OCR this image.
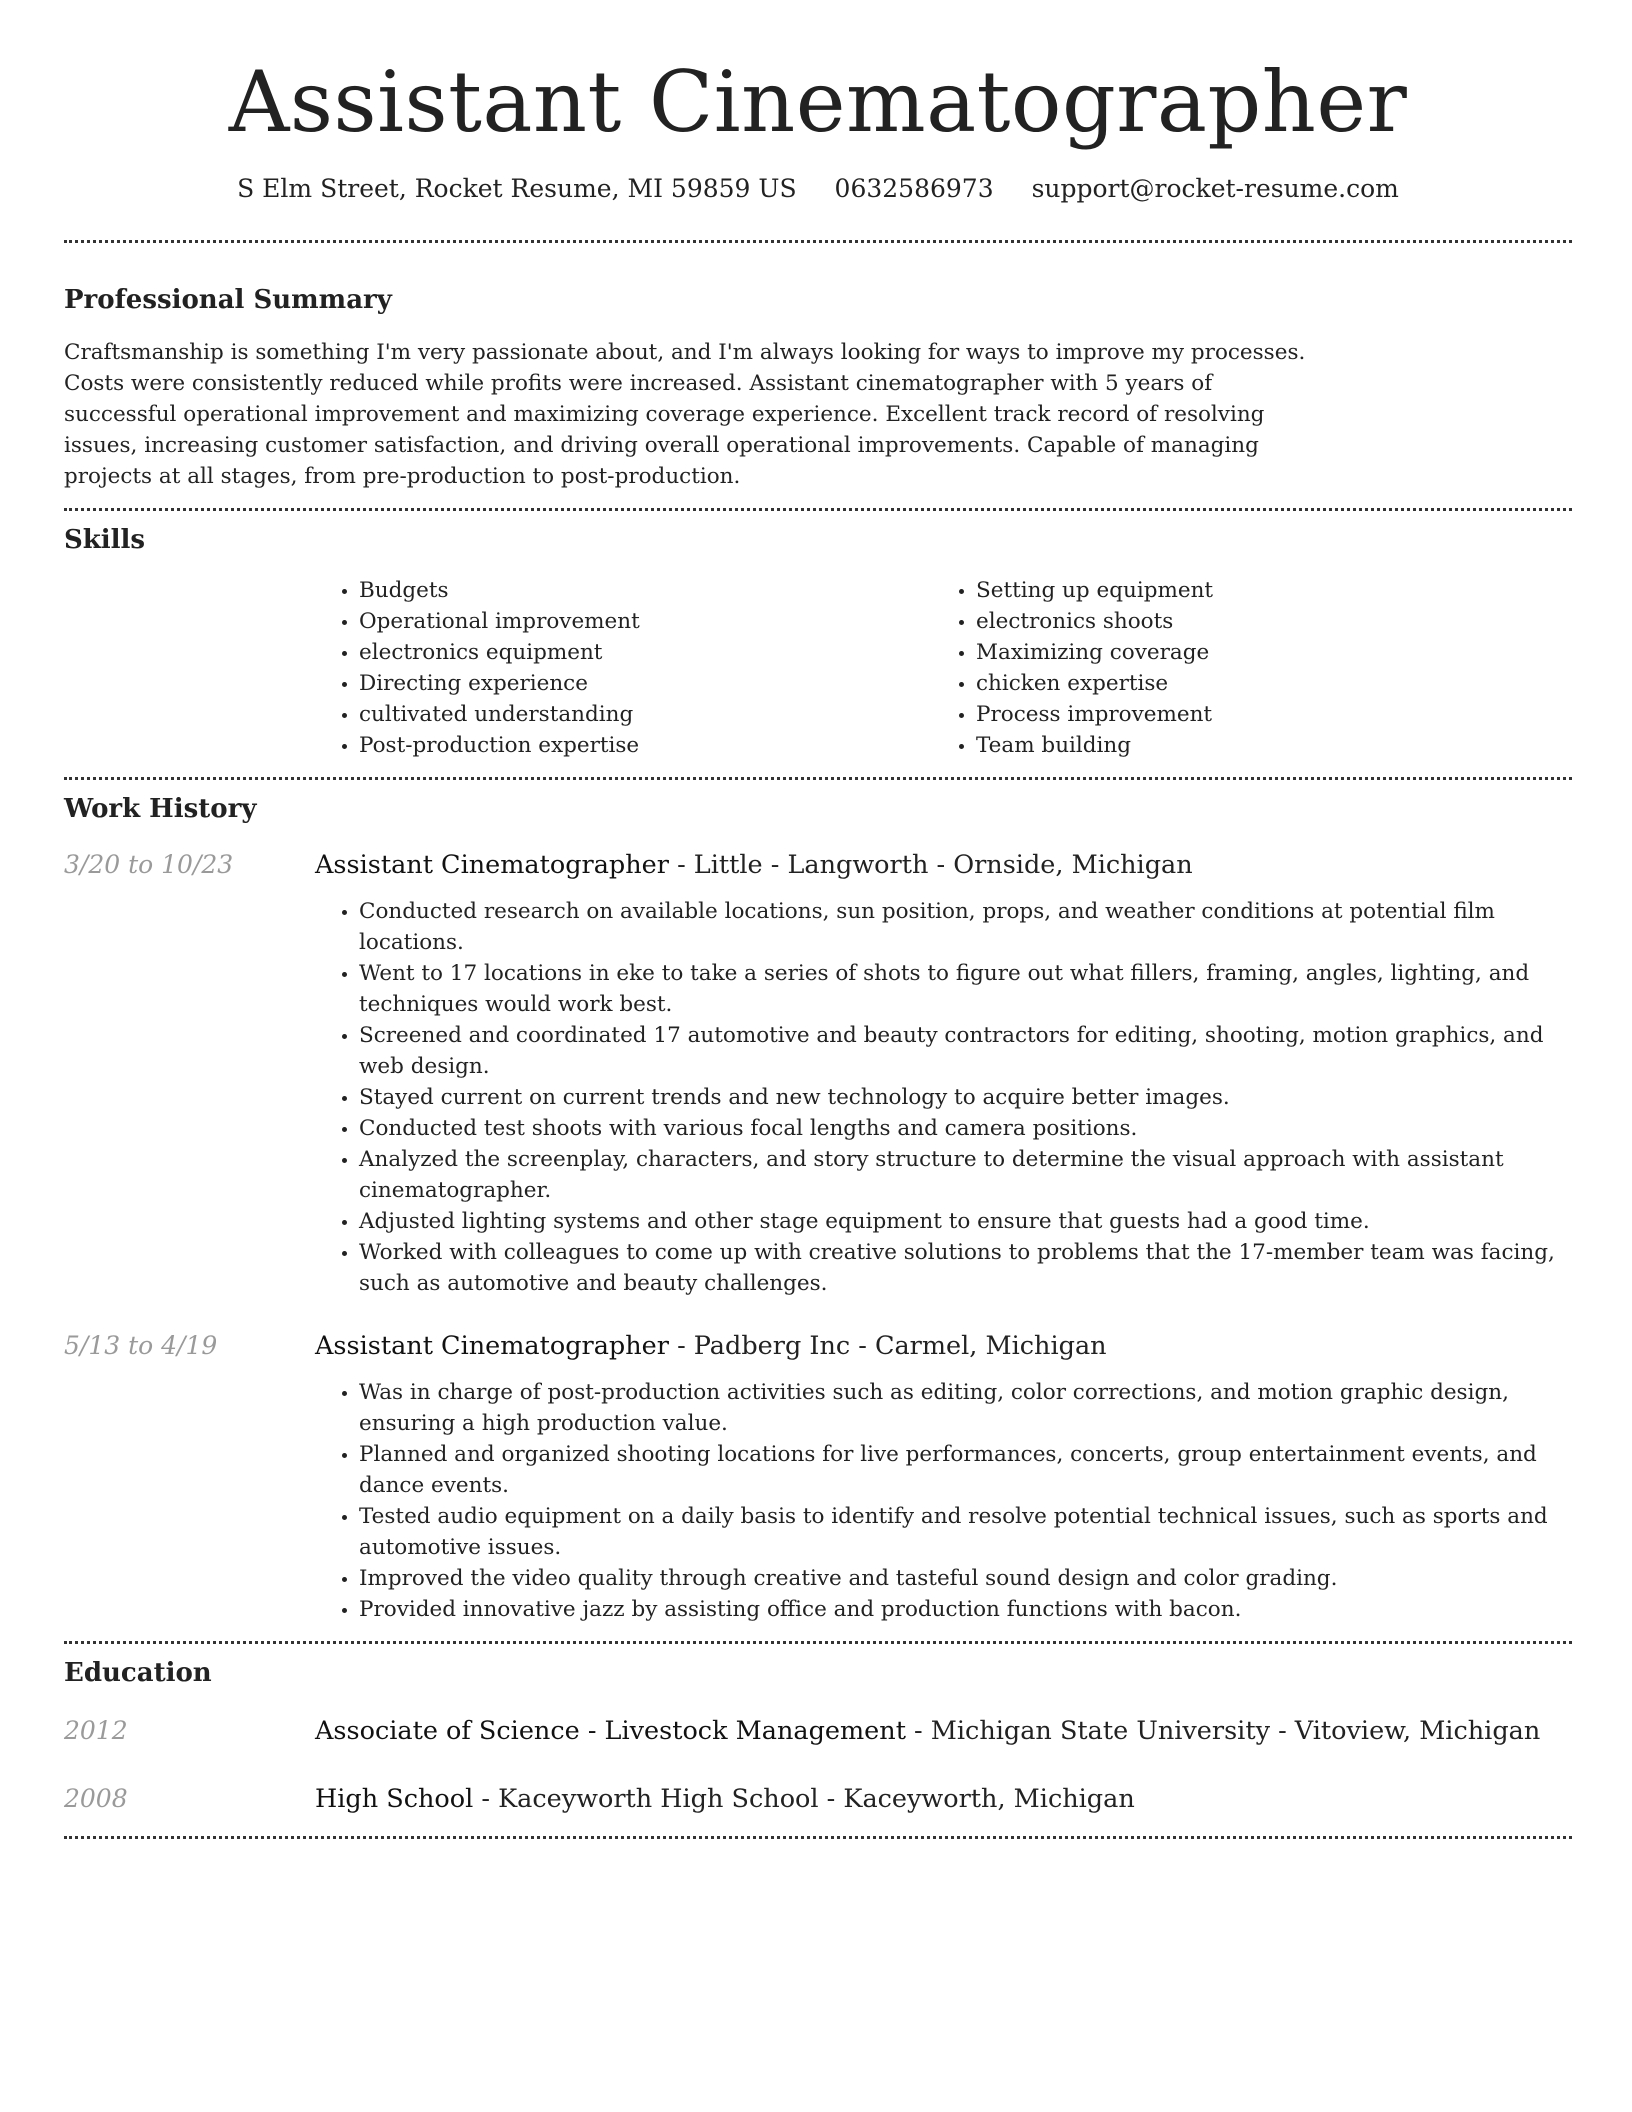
Assistant Cinematographer
S Elm Street, Rocket Resume, MI 59859 US 0632586973 support@rocket-resume.com
Professional Summary

Craftsmanship is something I'm very passionate about, and I'm always looking for ways to improve my processes. Costs were consistently reduced while profits were increased. Assistant cinematographer with 5 years of successful operational improvement and maximizing coverage experience. Excellent track record of resolving issues, increasing customer satisfaction, and driving overall operational improvements. Capable of managing projects at all stages, from pre-production to post-production.

Skills
• Budgets
• Operational improvement
• electronics equipment
• Directing experience
• cultivated understanding
• Post-production expertise
• Setting up equipment
• electronics shoots
• Maximizing coverage
• chicken expertise
• Process improvement
• Team building
Work History
3/20 to 10/23	Assistant Cinematographer - Little - Langworth - Ornside, Michigan
• Conducted research on available locations, sun position, props, and weather conditions at potential film locations.
• Went to 17 locations in eke to take a series of shots to figure out what fillers, framing, angles, lighting, and techniques would work best.
• Screened and coordinated 17 automotive and beauty contractors for editing, shooting, motion graphics, and web design.
• Stayed current on current trends and new technology to acquire better images.
• Conducted test shoots with various focal lengths and camera positions.
• Analyzed the screenplay, characters, and story structure to determine the visual approach with assistant cinematographer.
• Adjusted lighting systems and other stage equipment to ensure that guests had a good time.
• Worked with colleagues to come up with creative solutions to problems that the 17-member team was facing, such as automotive and beauty challenges.
5/13 to 4/19	Assistant Cinematographer - Padberg Inc - Carmel, Michigan
• Was in charge of post-production activities such as editing, color corrections, and motion graphic design, ensuring a high production value.
• Planned and organized shooting locations for live performances, concerts, group entertainment events, and dance events.
• Tested audio equipment on a daily basis to identify and resolve potential technical issues, such as sports and automotive issues.
• Improved the video quality through creative and tasteful sound design and color grading.
• Provided innovative jazz by assisting office and production functions with bacon.
Education
2012	Associate of Science - Livestock Management - Michigan State University - Vitoview, Michigan
2008	High School - Kaceyworth High School - Kaceyworth, Michigan
